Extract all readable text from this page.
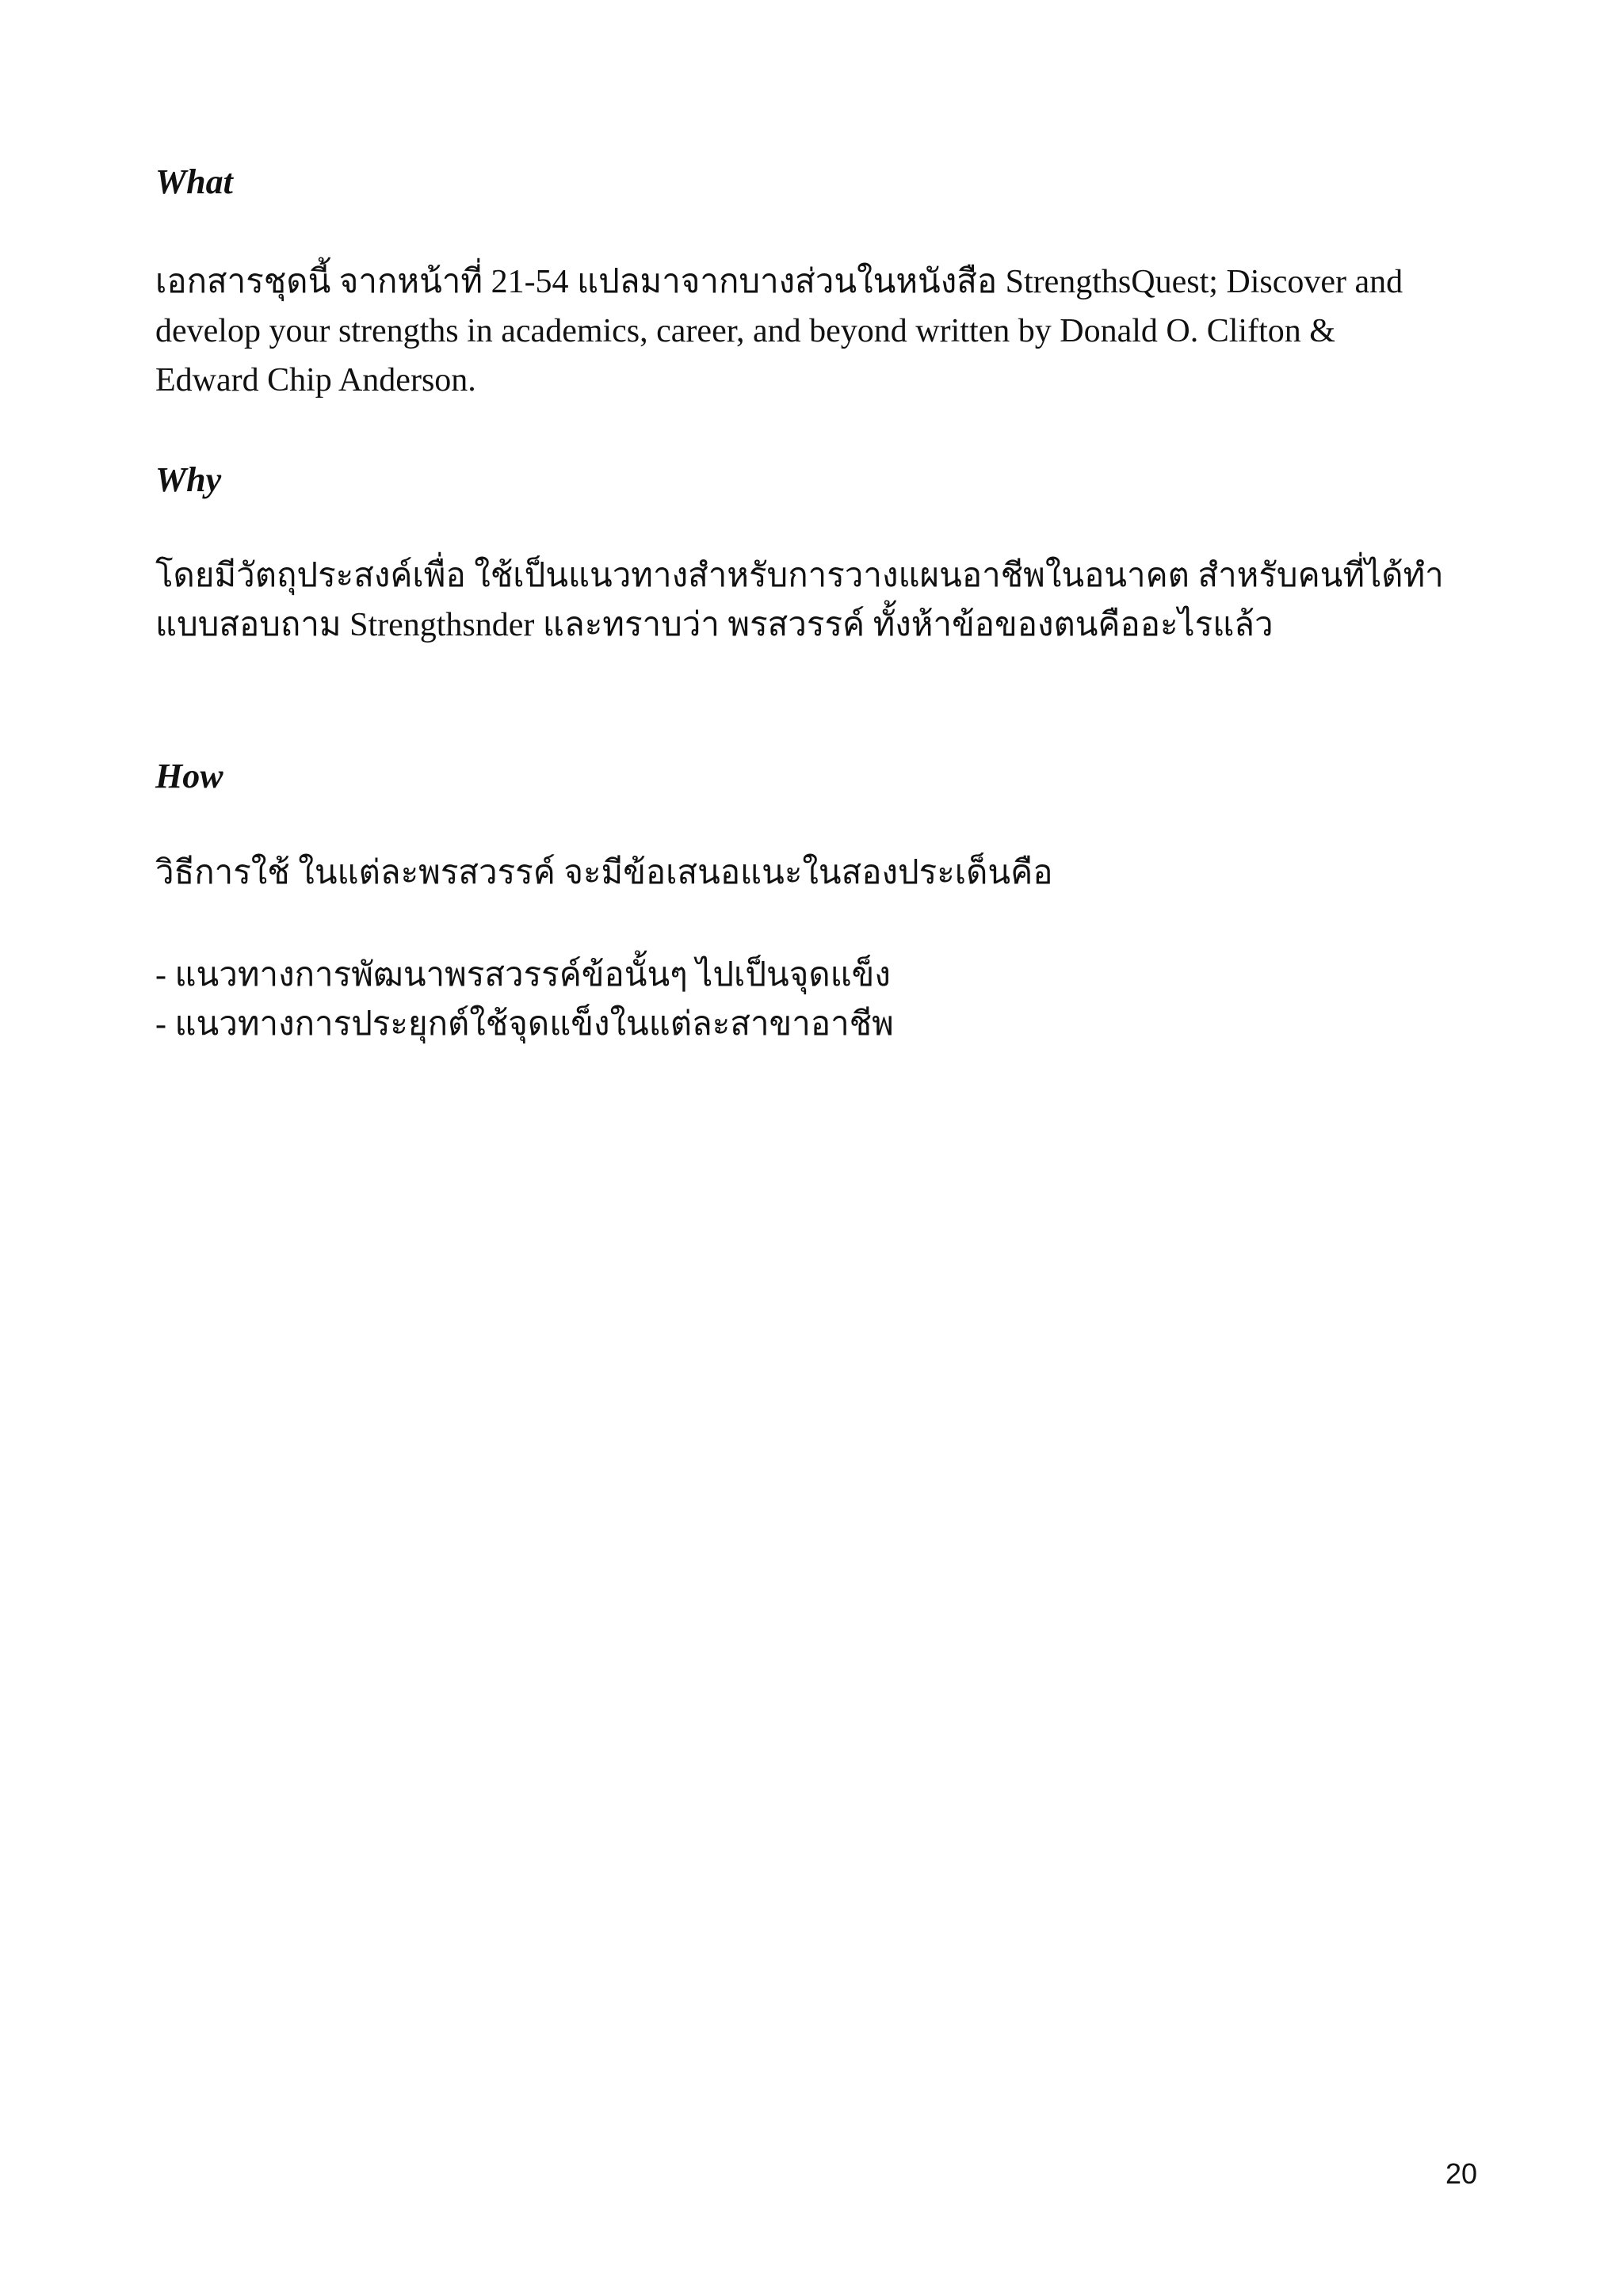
What

เอกสารชุดนี้ จากหน้าที่ 21-54 แปลมาจากบางส่วนในหนังสือ StrengthsQuest; Discover and
develop your strengths in academics, career, and beyond written by Donald O. Clifton &
Edward Chip Anderson.

Why

โดยมีวัตถุประสงค์เพื่อ ใช้เป็นแนวทางสำหรับการวางแผนอาชีพในอนาคต สำหรับคนที่ได้ทำ
แบบสอบถาม Strengthsnder และทราบว่า พรสวรรค์ ทั้งห้าข้อของตนคืออะไรแล้ว

How

วิธีการใช้ ในแต่ละพรสวรรค์ จะมีข้อเสนอแนะในสองประเด็นคือ

- แนวทางการพัฒนาพรสวรรค์ข้อนั้นๆ ไปเป็นจุดแข็ง
- แนวทางการประยุกต์ใช้จุดแข็งในแต่ละสาขาอาชีพ
20
